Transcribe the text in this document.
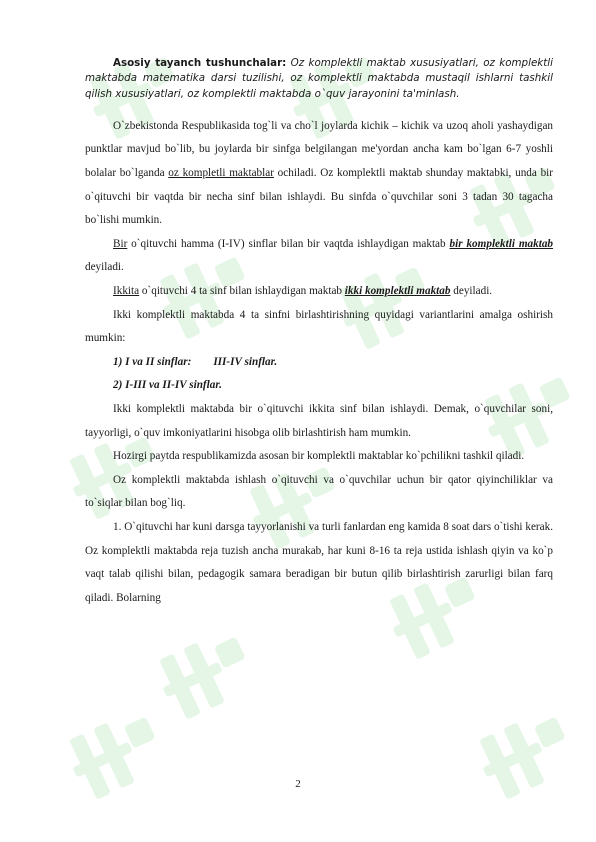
Asosiy tayanch tushunchalar: Oz komplektli maktab xususiyatlari, oz komplektli maktabda matematika darsi tuzilishi, oz komplektli maktabda mustaqil ishlarni tashkil qilish xususiyatlari, oz komplektli maktabda o`quv jarayonini ta'minlash.

O`zbekistonda Respublikasida tog`li va cho`l joylarda kichik – kichik va uzoq aholi yashaydigan punktlar mavjud bo`lib, bu joylarda bir sinfga belgilangan me'yordan ancha kam bo`lgan 6-7 yoshli bolalar bo`lganda oz kompletli maktablar ochiladi. Oz komplektli maktab shunday maktabki, unda bir o`qituvchi bir vaqtda bir necha sinf bilan ishlaydi. Bu sinfda o`quvchilar soni 3 tadan 30 tagacha bo`lishi mumkin.

Bir o`qituvchi hamma (I-IV) sinflar bilan bir vaqtda ishlaydigan maktab bir komplektli maktab deyiladi.

Ikkita o`qituvchi 4 ta sinf bilan ishlaydigan maktab ikki komplektli maktab deyiladi.

Ikki komplektli maktabda 4 ta sinfni birlashtirishning quyidagi variantlarini amalga oshirish mumkin:

1) I va II sinflar: III-IV sinflar.

2) I-III va II-IV sinflar.

Ikki komplektli maktabda bir o`qituvchi ikkita sinf bilan ishlaydi. Demak, o`quvchilar soni, tayyorligi, o`quv imkoniyatlarini hisobga olib birlashtirish ham mumkin.

Hozirgi paytda respublikamizda asosan bir komplektli maktablar ko`pchilikni tashkil qiladi.

Oz komplektli maktabda ishlash o`qituvchi va o`quvchilar uchun bir qator qiyinchiliklar va to`siqlar bilan bog`liq.

1. O`qituvchi har kuni darsga tayyorlanishi va turli fanlardan eng kamida 8 soat dars o`tishi kerak. Oz komplektli maktabda reja tuzish ancha murakab, har kuni 8-16 ta reja ustida ishlash qiyin va ko`p vaqt talab qilishi bilan, pedagogik samara beradigan bir butun qilib birlashtirish zarurligi bilan farq qiladi. Bolarning

2
